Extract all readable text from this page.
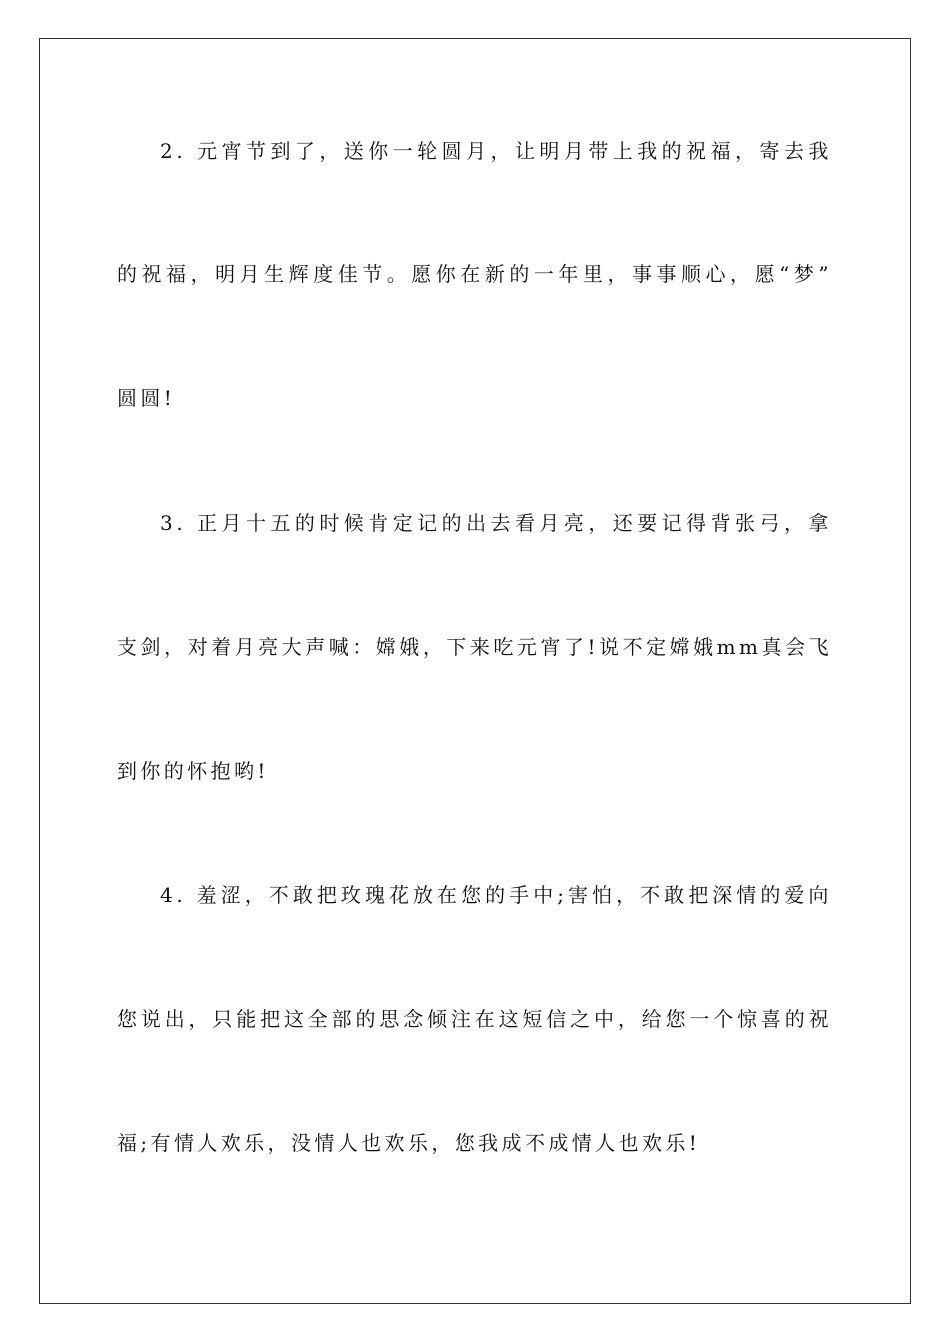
2. 元宵节到了，送你一轮圆月，让明月带上我的祝福，寄去我
的祝福，明月生辉度佳节。愿你在新的一年里，事事顺心，愿“梦”
圆圆!
3. 正月十五的时候肯定记的出去看月亮，还要记得背张弓，拿
支剑，对着月亮大声喊：嫦娥，下来吃元宵了!说不定嫦娥mm真会飞
到你的怀抱哟!
4. 羞涩，不敢把玫瑰花放在您的手中;害怕，不敢把深情的爱向
您说出，只能把这全部的思念倾注在这短信之中，给您一个惊喜的祝
福;有情人欢乐，没情人也欢乐，您我成不成情人也欢乐!
